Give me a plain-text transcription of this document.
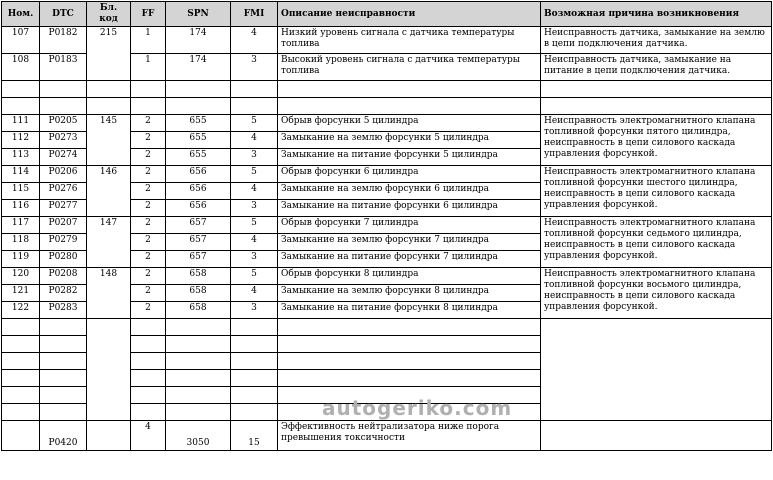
Ном.	DTC	Бл. код	FF	SPN	FMI	Описание неисправности	Возможная причина возникновения
107	P0182	215	1	174	4	Низкий уровень сигнала с датчика температуры топлива	Неисправность датчика, замыкание на землю в цепи подключения датчика.
108	P0183		1	174	3	Высокий уровень сигнала с датчика температуры топлива	Неисправность датчика, замыкание на питание в цепи подключения датчика.

111	P0205	145	2	655	5	Обрыв форсунки 5 цилиндра	Неисправность электромагнитного клапана топливной форсунки пятого цилиндра, неисправность в цепи силового каскада управления форсункой.
112	P0273		2	655	4	Замыкание на землю форсунки 5 цилиндра	
113	P0274		2	655	3	Замыкание на питание форсунки 5 цилиндра	
114	P0206	146	2	656	5	Обрыв форсунки 6 цилиндра	Неисправность электромагнитного клапана топливной форсунки шестого цилиндра, неисправность в цепи силового каскада управления форсункой.
115	P0276		2	656	4	Замыкание на землю форсунки 6 цилиндра	
116	P0277		2	656	3	Замыкание на питание форсунки 6 цилиндра	
117	P0207	147	2	657	5	Обрыв форсунки 7 цилиндра	Неисправность электромагнитного клапана топливной форсунки седьмого цилиндра, неисправность в цепи силового каскада управления форсункой.
118	P0279		2	657	4	Замыкание на землю форсунки 7 цилиндра	
119	P0280		2	657	3	Замыкание на питание форсунки 7 цилиндра	
120	P0208	148	2	658	5	Обрыв форсунки 8 цилиндра	Неисправность электромагнитного клапана топливной форсунки восьмого цилиндра, неисправность в цепи силового каскада управления форсункой.
121	P0282		2	658	4	Замыкание на землю форсунки 8 цилиндра	
122	P0283		2	658	3	Замыкание на питание форсунки 8 цилиндра	

	P0420		4	3050	15	Эффективность нейтрализатора ниже порога превышения токсичности	
autogeriko.com
